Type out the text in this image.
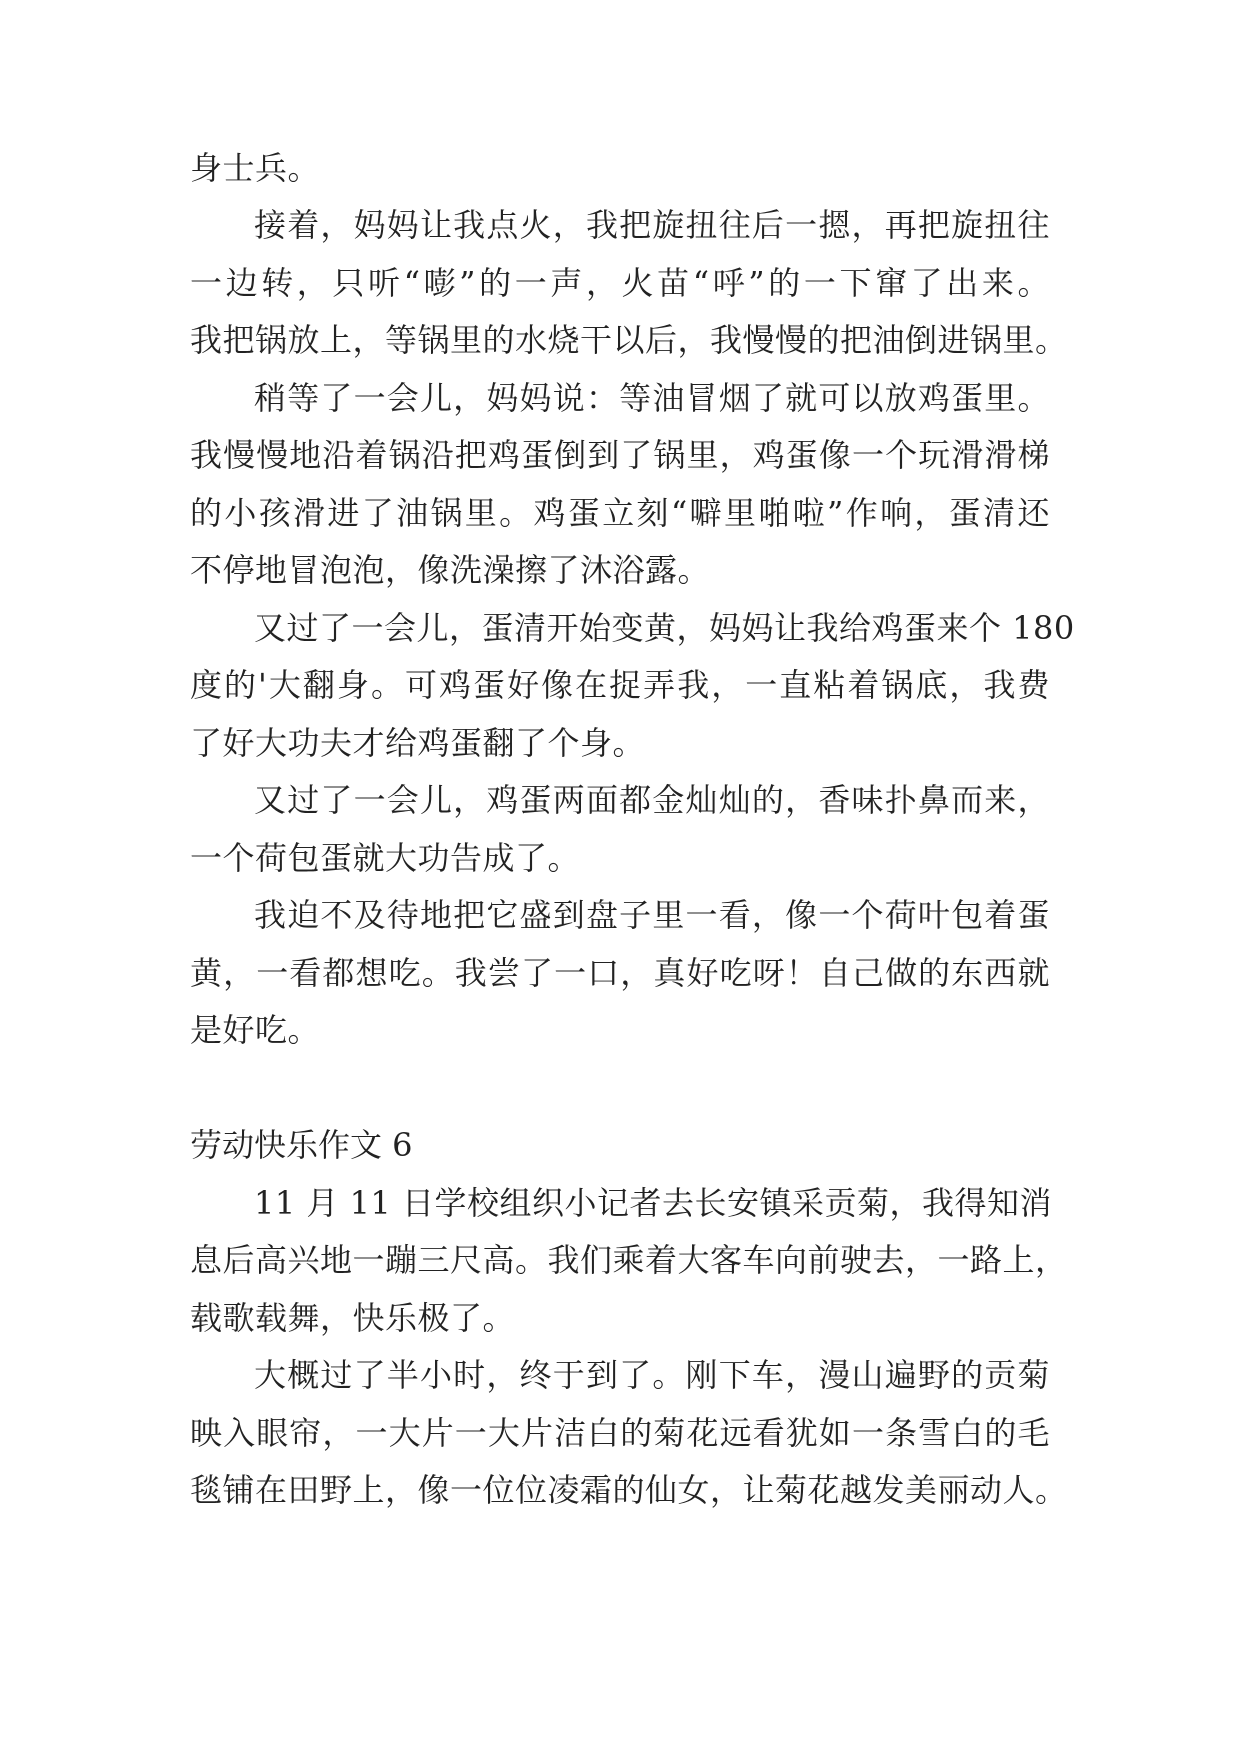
身士兵。
接着，妈妈让我点火，我把旋扭往后一摁，再把旋扭往
一边转，只听“嘭”的一声，火苗“呼”的一下窜了出来。
我把锅放上，等锅里的水烧干以后，我慢慢的把油倒进锅里。
稍等了一会儿，妈妈说：等油冒烟了就可以放鸡蛋里。
我慢慢地沿着锅沿把鸡蛋倒到了锅里，鸡蛋像一个玩滑滑梯
的小孩滑进了油锅里。鸡蛋立刻“噼里啪啦”作响，蛋清还
不停地冒泡泡，像洗澡擦了沐浴露。
又过了一会儿，蛋清开始变黄，妈妈让我给鸡蛋来个 180
度的'大翻身。可鸡蛋好像在捉弄我，一直粘着锅底，我费
了好大功夫才给鸡蛋翻了个身。
又过了一会儿，鸡蛋两面都金灿灿的，香味扑鼻而来，
一个荷包蛋就大功告成了。
我迫不及待地把它盛到盘子里一看，像一个荷叶包着蛋
黄，一看都想吃。我尝了一口，真好吃呀！自己做的东西就
是好吃。
劳动快乐作文 6
11 月 11 日学校组织小记者去长安镇采贡菊，我得知消
息后高兴地一蹦三尺高。我们乘着大客车向前驶去，一路上，
载歌载舞，快乐极了。
大概过了半小时，终于到了。刚下车，漫山遍野的贡菊
映入眼帘，一大片一大片洁白的菊花远看犹如一条雪白的毛
毯铺在田野上，像一位位凌霜的仙女，让菊花越发美丽动人。
